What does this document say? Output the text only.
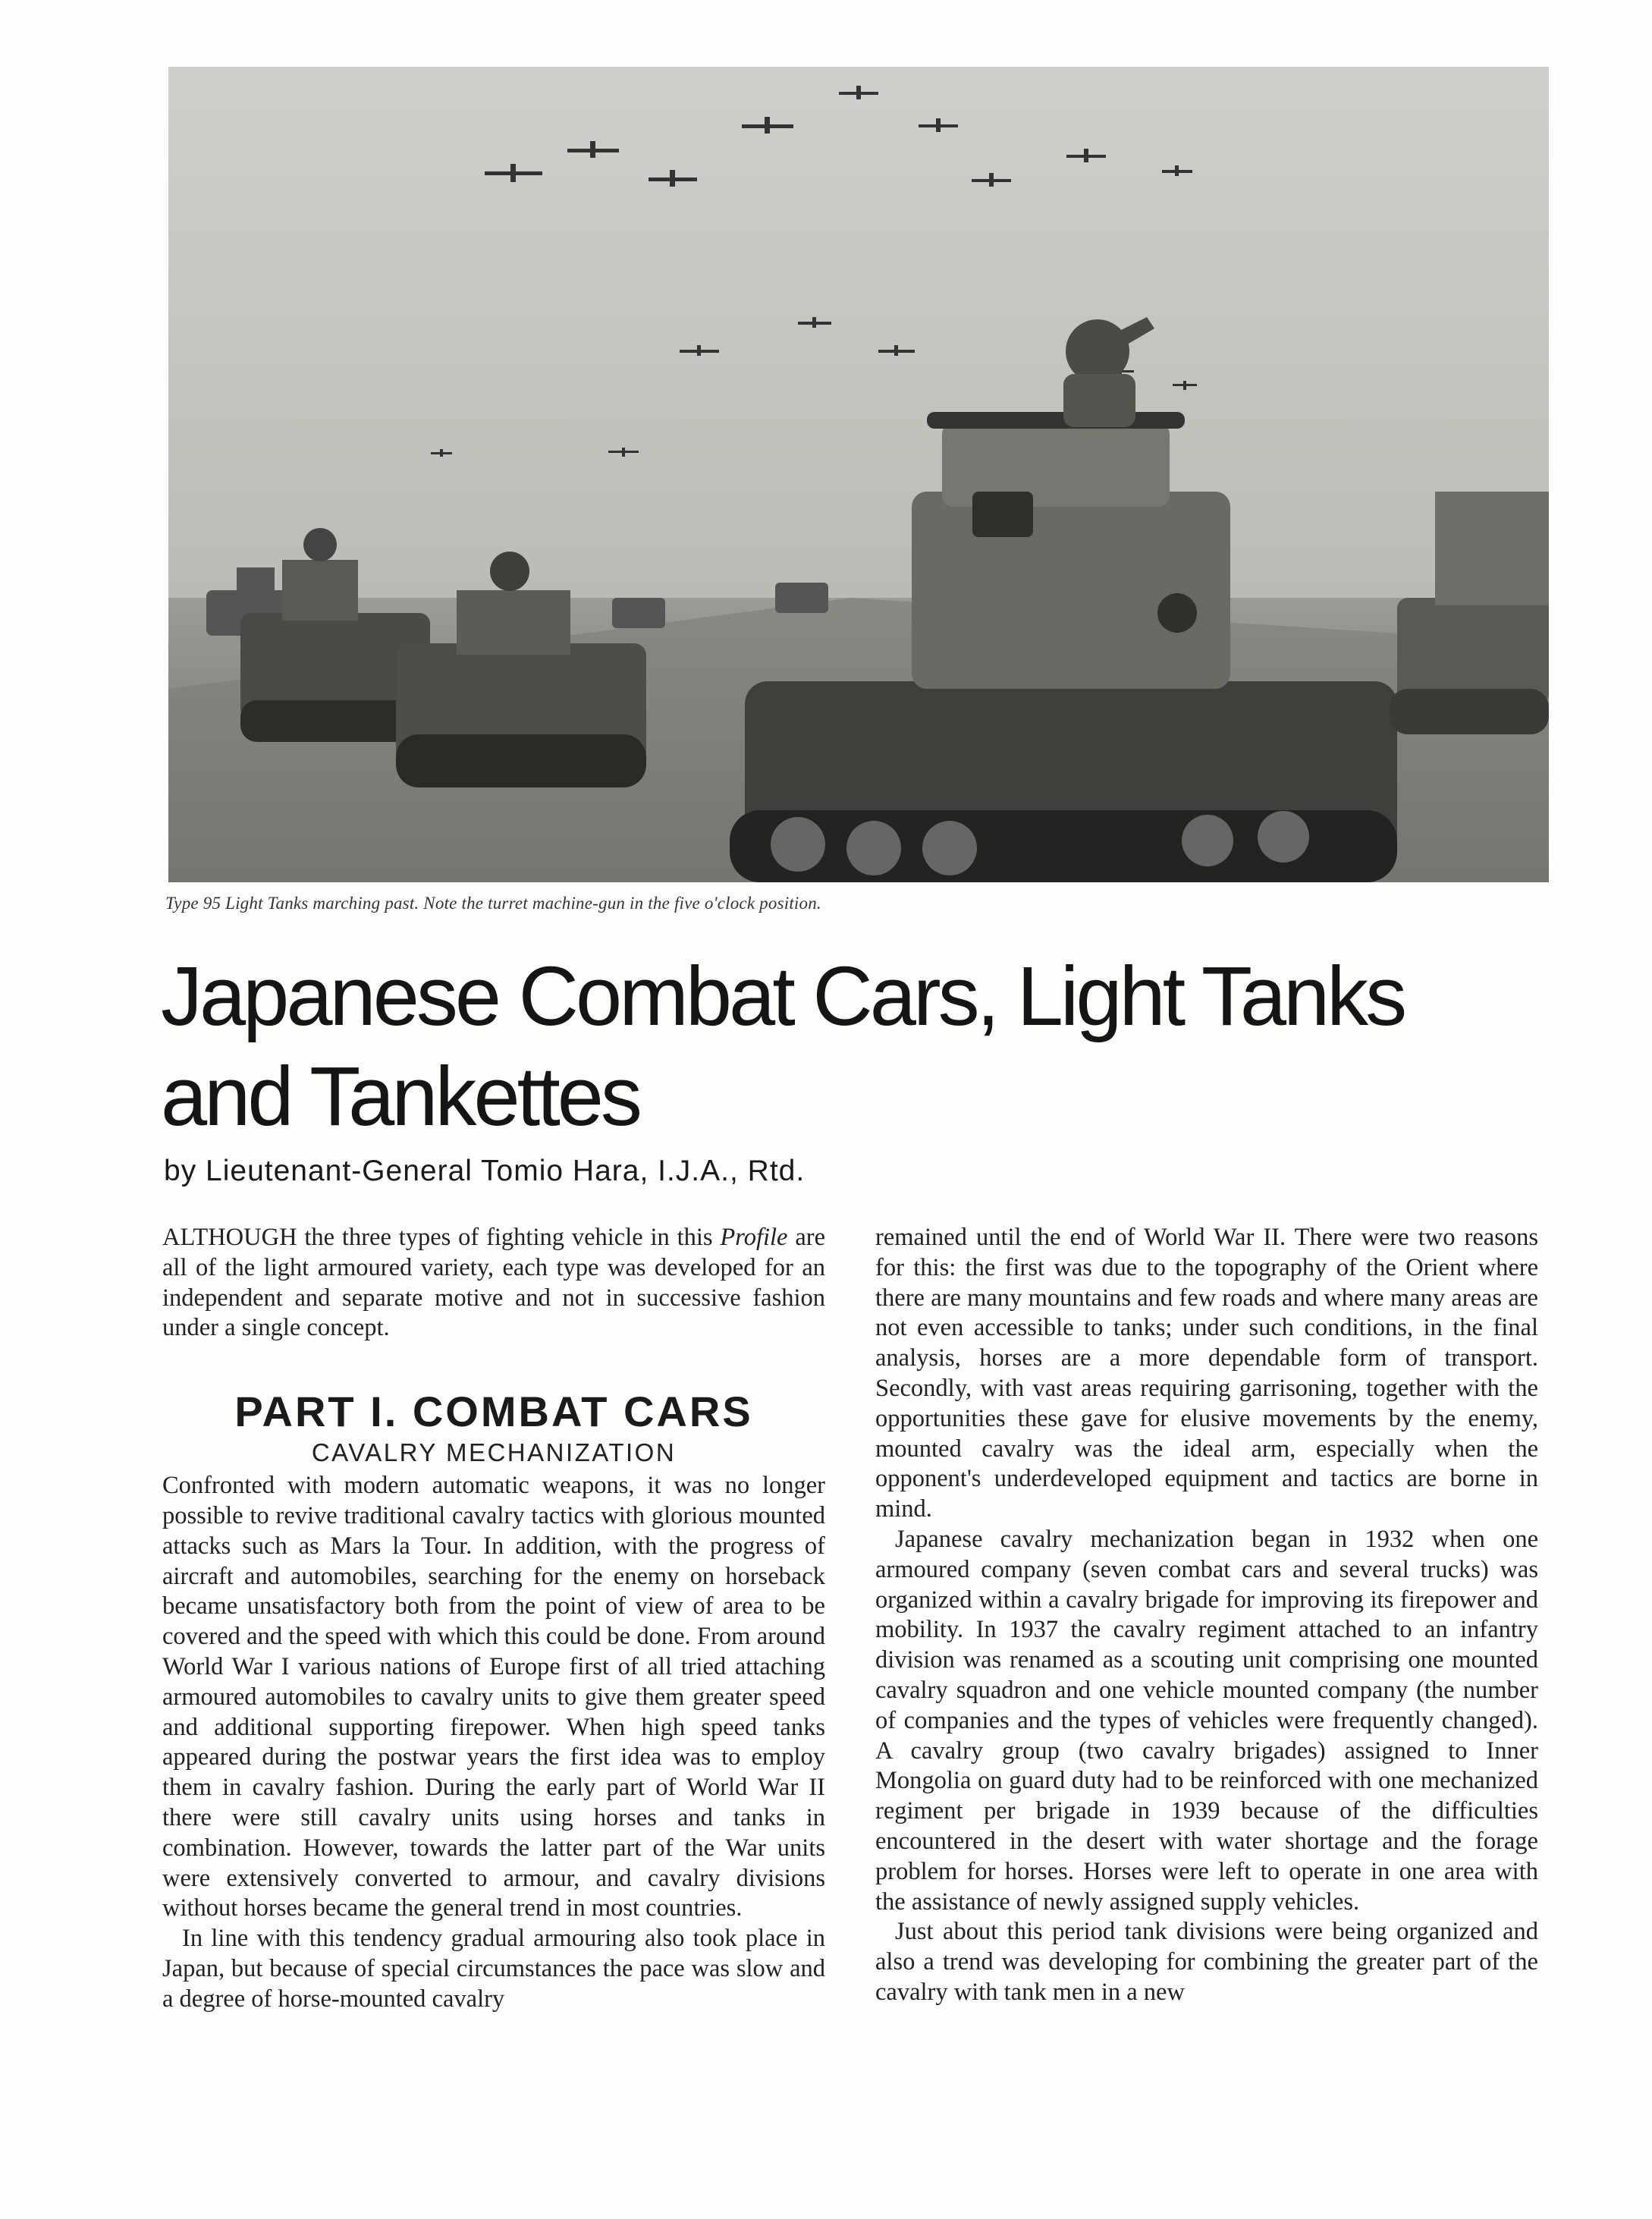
Type 95 Light Tanks marching past. Note the turret machine-gun in the five o'clock position.
Japanese Combat Cars, Light Tanks
and Tankettes
by Lieutenant-General Tomio Hara, I.J.A., Rtd.

ALTHOUGH the three types of fighting vehicle in this Profile are all of the light armoured variety, each type was developed for an independent and separate motive and not in successive fashion under a single concept.

PART I. COMBAT CARS
CAVALRY MECHANIZATION

Confronted with modern automatic weapons, it was no longer possible to revive traditional cavalry tactics with glorious mounted attacks such as Mars la Tour. In addition, with the progress of aircraft and automobiles, searching for the enemy on horseback became unsatisfactory both from the point of view of area to be covered and the speed with which this could be done. From around World War I various nations of Europe first of all tried attaching armoured automobiles to cavalry units to give them greater speed and additional supporting firepower. When high speed tanks appeared during the postwar years the first idea was to employ them in cavalry fashion. During the early part of World War II there were still cavalry units using horses and tanks in combination. However, towards the latter part of the War units were extensively converted to armour, and cavalry divisions without horses became the general trend in most countries.

In line with this tendency gradual armouring also took place in Japan, but because of special circumstances the pace was slow and a degree of horse-mounted cavalry

remained until the end of World War II. There were two reasons for this: the first was due to the topography of the Orient where there are many mountains and few roads and where many areas are not even accessible to tanks; under such conditions, in the final analysis, horses are a more dependable form of transport. Secondly, with vast areas requiring garrisoning, together with the opportunities these gave for elusive movements by the enemy, mounted cavalry was the ideal arm, especially when the opponent's underdeveloped equipment and tactics are borne in mind.

Japanese cavalry mechanization began in 1932 when one armoured company (seven combat cars and several trucks) was organized within a cavalry brigade for improving its firepower and mobility. In 1937 the cavalry regiment attached to an infantry division was renamed as a scouting unit comprising one mounted cavalry squadron and one vehicle mounted company (the number of companies and the types of vehicles were frequently changed). A cavalry group (two cavalry brigades) assigned to Inner Mongolia on guard duty had to be reinforced with one mechanized regiment per brigade in 1939 because of the difficulties encountered in the desert with water shortage and the forage problem for horses. Horses were left to operate in one area with the assistance of newly assigned supply vehicles.

Just about this period tank divisions were being organized and also a trend was developing for combining the greater part of the cavalry with tank men in a new
